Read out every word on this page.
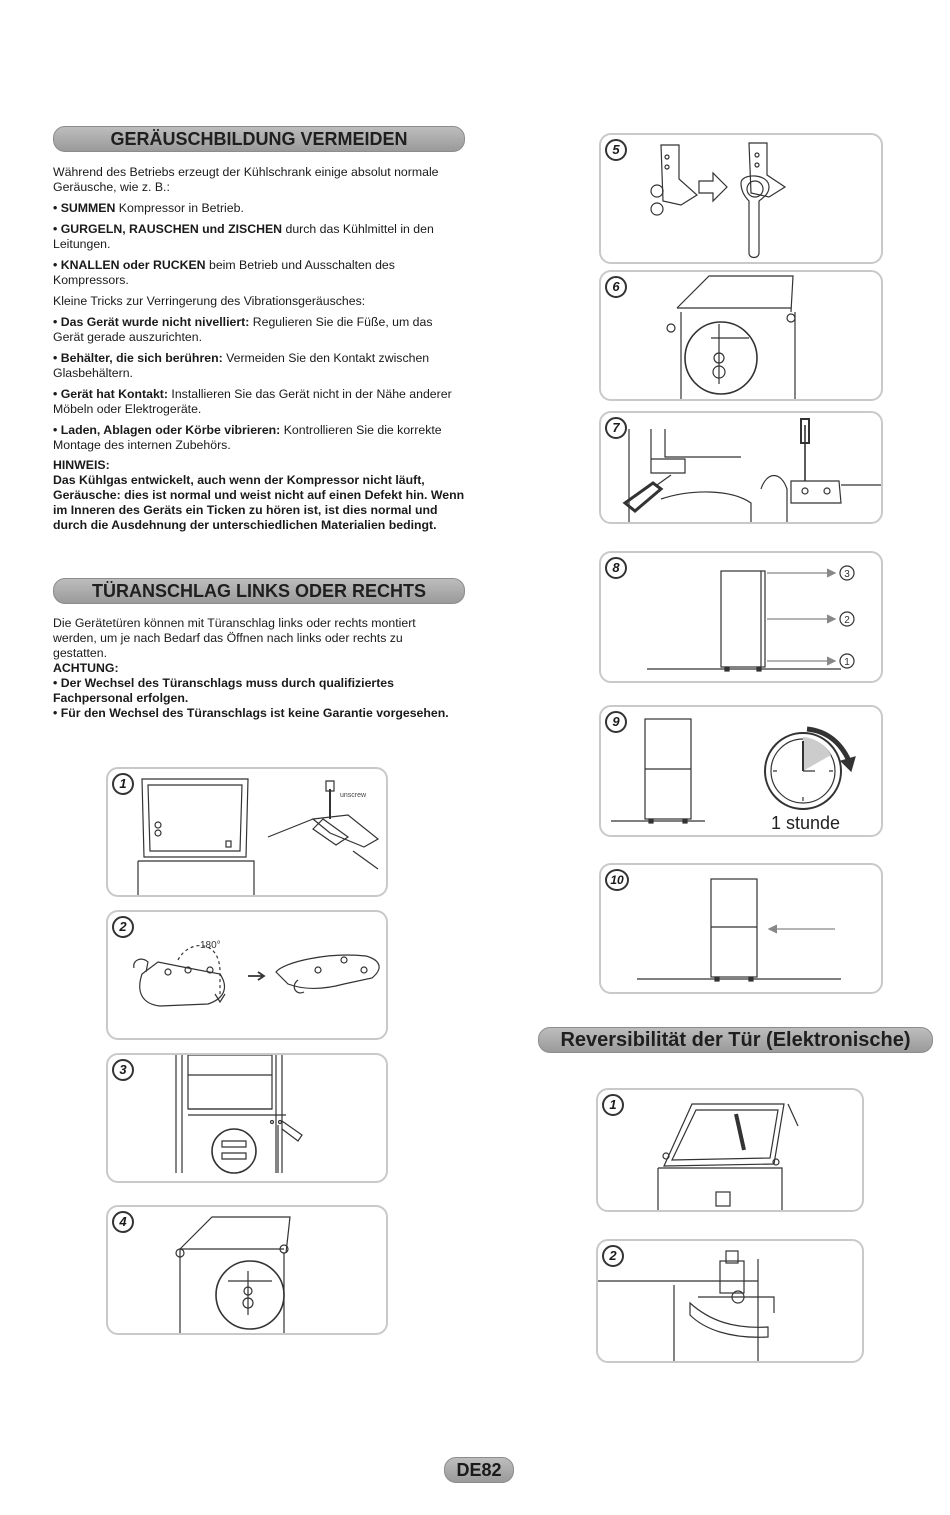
GERÄUSCHBILDUNG VERMEIDEN

Während des Betriebs erzeugt der Kühlschrank einige absolut normale Geräusche, wie z. B.:

• SUMMEN Kompressor in Betrieb.

• GURGELN, RAUSCHEN und ZISCHEN durch das Kühlmittel in den Leitungen.

• KNALLEN oder RUCKEN beim Betrieb und Ausschalten des Kompressors.

Kleine Tricks zur Verringerung des Vibrationsgeräusches:

• Das Gerät wurde nicht nivelliert: Regulieren Sie die Füße, um das Gerät gerade auszurichten.

• Behälter, die sich berühren: Vermeiden Sie den Kontakt zwischen Glasbehältern.

• Gerät hat Kontakt: Installieren Sie das Gerät nicht in der Nähe anderer Möbeln oder Elektrogeräte.

• Laden, Ablagen oder Körbe vibrieren: Kontrollieren Sie die korrekte Montage des internen Zubehörs.

HINWEIS:

Das Kühlgas entwickelt, auch wenn der Kompressor nicht läuft, Geräusche: dies ist normal und weist nicht auf einen Defekt hin. Wenn im Inneren des Geräts ein Ticken zu hören ist, ist dies normal und durch die Ausdehnung der unterschiedlichen Materialien bedingt.

TÜRANSCHLAG LINKS ODER RECHTS

Die Gerätetüren können mit Türanschlag links oder rechts montiert werden, um je nach Bedarf das Öffnen nach links oder rechts zu gestatten.

ACHTUNG:

• Der Wechsel des Türanschlags muss durch qualifiziertes Fachpersonal erfolgen.

• Für den Wechsel des Türanschlags ist keine Garantie vorgesehen.

unscrew
1
180°
2
3
4
5
6
7
3
2
1
8
1 stunde
9
10
Reversibilität der Tür (Elektronische)
1
2
DE82
